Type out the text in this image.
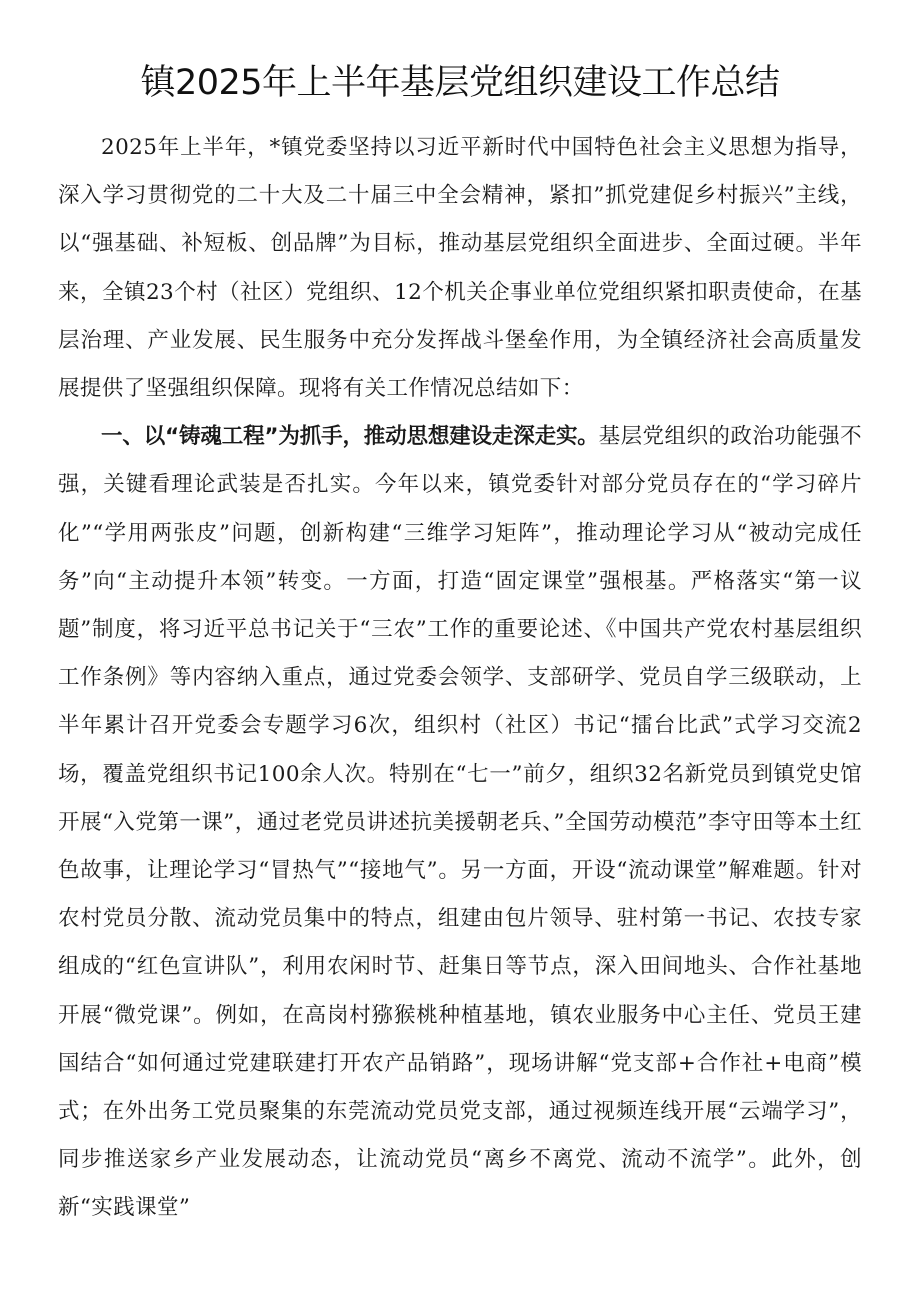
镇2025年上半年基层党组织建设工作总结

2025年上半年，*镇党委坚持以习近平新时代中国特色社会主义思想为指导，深入学习贯彻党的二十大及二十届三中全会精神，紧扣”抓党建促乡村振兴”主线，以“强基础、补短板、创品牌”为目标，推动基层党组织全面进步、全面过硬。半年来，全镇23个村（社区）党组织、12个机关企事业单位党组织紧扣职责使命，在基层治理、产业发展、民生服务中充分发挥战斗堡垒作用，为全镇经济社会高质量发展提供了坚强组织保障。现将有关工作情况总结如下：

一、以“铸魂工程”为抓手，推动思想建设走深走实。基层党组织的政治功能强不强，关键看理论武装是否扎实。今年以来，镇党委针对部分党员存在的“学习碎片化”“学用两张皮”问题，创新构建“三维学习矩阵”，推动理论学习从“被动完成任务”向“主动提升本领”转变。一方面，打造“固定课堂”强根基。严格落实“第一议题”制度，将习近平总书记关于“三农”工作的重要论述、《中国共产党农村基层组织工作条例》等内容纳入重点，通过党委会领学、支部研学、党员自学三级联动，上半年累计召开党委会专题学习6次，组织村（社区）书记“擂台比武”式学习交流2场，覆盖党组织书记100余人次。特别在“七一”前夕，组织32名新党员到镇党史馆开展“入党第一课”，通过老党员讲述抗美援朝老兵、”全国劳动模范”李守田等本土红色故事，让理论学习“冒热气”“接地气”。另一方面，开设“流动课堂”解难题。针对农村党员分散、流动党员集中的特点，组建由包片领导、驻村第一书记、农技专家组成的“红色宣讲队”，利用农闲时节、赶集日等节点，深入田间地头、合作社基地开展“微党课”。例如，在高岗村猕猴桃种植基地，镇农业服务中心主任、党员王建国结合“如何通过党建联建打开农产品销路”，现场讲解“党支部+合作社+电商”模式；在外出务工党员聚集的东莞流动党员党支部，通过视频连线开展“云端学习”，同步推送家乡产业发展动态，让流动党员“离乡不离党、流动不流学”。此外，创新“实践课堂”
